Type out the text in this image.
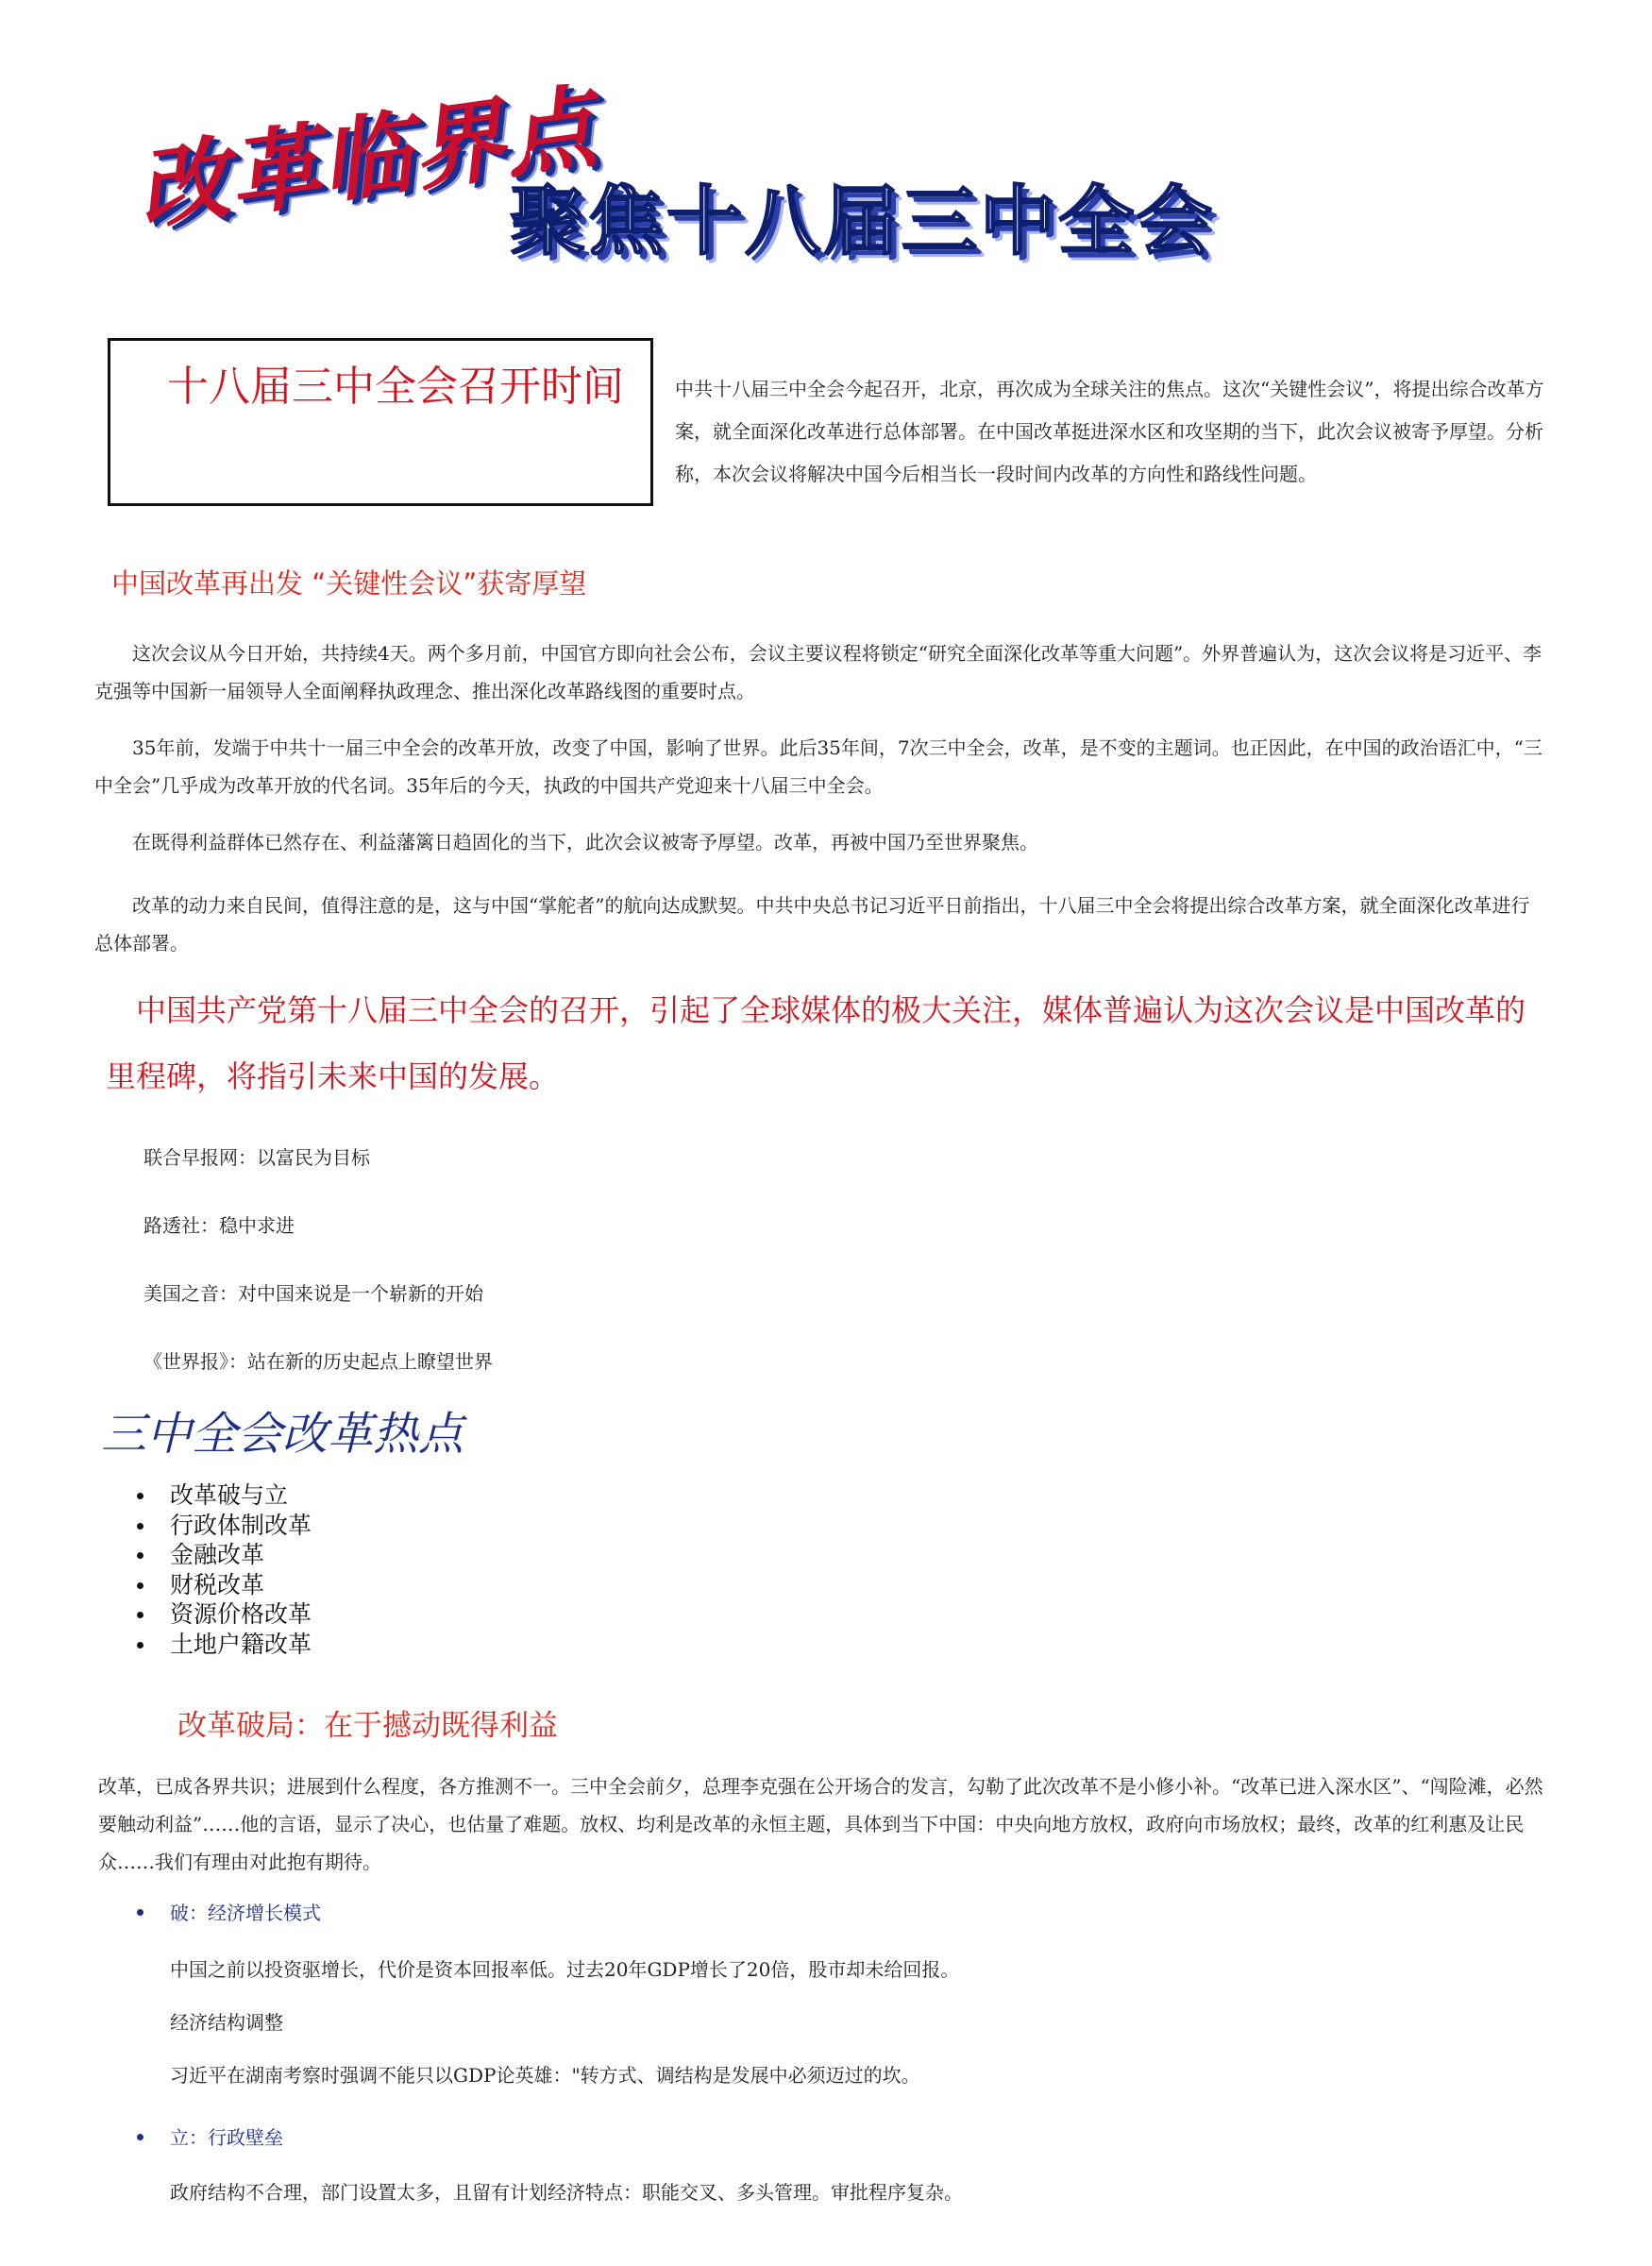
改革临界点
聚焦十八届三中全会
十八届三中全会召开时间	中共十八届三中全会今起召开，北京，再次成为全球关注的焦点。这次“关键性会议”，将提出综合改革方案，就全面深化改革进行总体部署。在中国改革挺进深水区和攻坚期的当下，此次会议被寄予厚望。分析称，本次会议将解决中国今后相当长一段时间内改革的方向性和路线性问题。
中国改革再出发 “关键性会议”获寄厚望
这次会议从今日开始，共持续4天。两个多月前，中国官方即向社会公布，会议主要议程将锁定“研究全面深化改革等重大问题”。外界普遍认为，这次会议将是习近平、李克强等中国新一届领导人全面阐释执政理念、推出深化改革路线图的重要时点。
35年前，发端于中共十一届三中全会的改革开放，改变了中国，影响了世界。此后35年间，7次三中全会，改革，是不变的主题词。也正因此，在中国的政治语汇中，“三中全会”几乎成为改革开放的代名词。35年后的今天，执政的中国共产党迎来十八届三中全会。
在既得利益群体已然存在、利益藩篱日趋固化的当下，此次会议被寄予厚望。改革，再被中国乃至世界聚焦。
改革的动力来自民间，值得注意的是，这与中国“掌舵者”的航向达成默契。中共中央总书记习近平日前指出，十八届三中全会将提出综合改革方案，就全面深化改革进行总体部署。
中国共产党第十八届三中全会的召开，引起了全球媒体的极大关注，媒体普遍认为这次会议是中国改革的里程碑，将指引未来中国的发展。
联合早报网：以富民为目标
路透社：稳中求进
美国之音：对中国来说是一个崭新的开始
《世界报》：站在新的历史起点上瞭望世界
三中全会改革热点
改革破与立
行政体制改革
金融改革
财税改革
资源价格改革
土地户籍改革
改革破局：在于撼动既得利益
改革，已成各界共识；进展到什么程度，各方推测不一。三中全会前夕，总理李克强在公开场合的发言，勾勒了此次改革不是小修小补。“改革已进入深水区”、“闯险滩，必然要触动利益”……他的言语，显示了决心，也估量了难题。放权、均利是改革的永恒主题，具体到当下中国：中央向地方放权，政府向市场放权；最终，改革的红利惠及让民众……我们有理由对此抱有期待。
破：经济增长模式
中国之前以投资驱增长，代价是资本回报率低。过去20年GDP增长了20倍，股市却未给回报。
经济结构调整
习近平在湖南考察时强调不能只以GDP论英雄："转方式、调结构是发展中必须迈过的坎。
立：行政壁垒
政府结构不合理，部门设置太多，且留有计划经济特点：职能交叉、多头管理。审批程序复杂。
